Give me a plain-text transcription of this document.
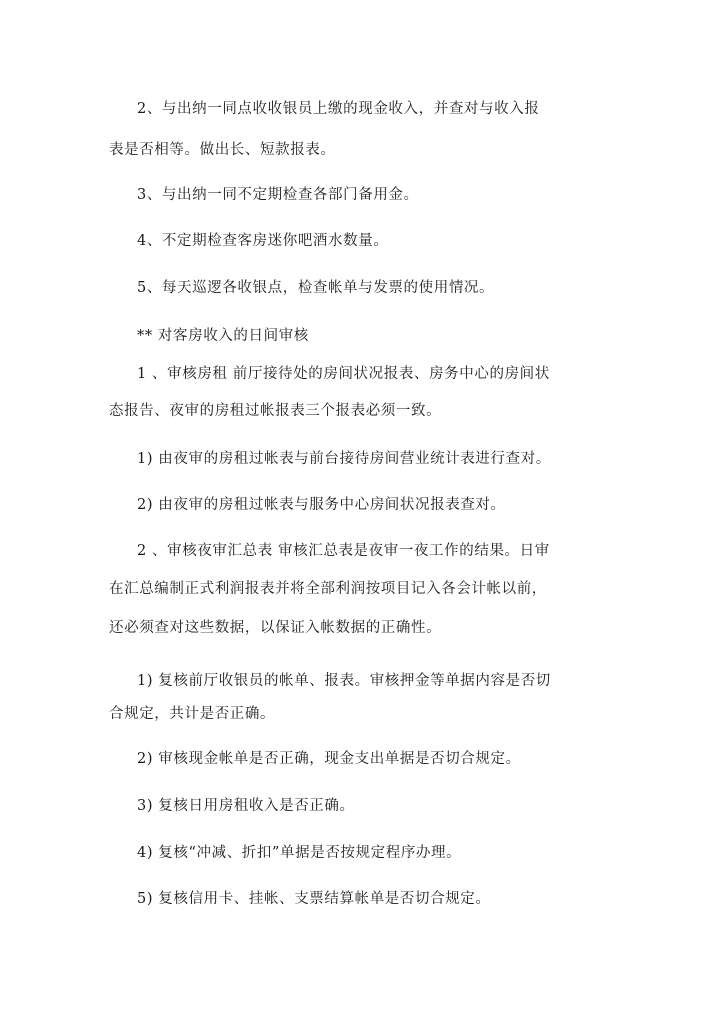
2、与出纳一同点收收银员上缴的现金收入，并查对与收入报
表是否相等。做出长、短款报表。
3、与出纳一同不定期检查各部门备用金。
4、不定期检查客房迷你吧酒水数量。
5、每天巡逻各收银点，检查帐单与发票的使用情况。
** 对客房收入的日间审核
1 、审核房租 前厅接待处的房间状况报表、房务中心的房间状
态报告、夜审的房租过帐报表三个报表必须一致。
1) 由夜审的房租过帐表与前台接待房间营业统计表进行查对。
2) 由夜审的房租过帐表与服务中心房间状况报表查对。
2 、审核夜审汇总表 审核汇总表是夜审一夜工作的结果。日审
在汇总编制正式利润报表并将全部利润按项目记入各会计帐以前，
还必须查对这些数据，以保证入帐数据的正确性。
1) 复核前厅收银员的帐单、报表。审核押金等单据内容是否切
合规定，共计是否正确。
2) 审核现金帐单是否正确，现金支出单据是否切合规定。
3) 复核日用房租收入是否正确。
4) 复核“冲减、折扣”单据是否按规定程序办理。
5) 复核信用卡、挂帐、支票结算帐单是否切合规定。
